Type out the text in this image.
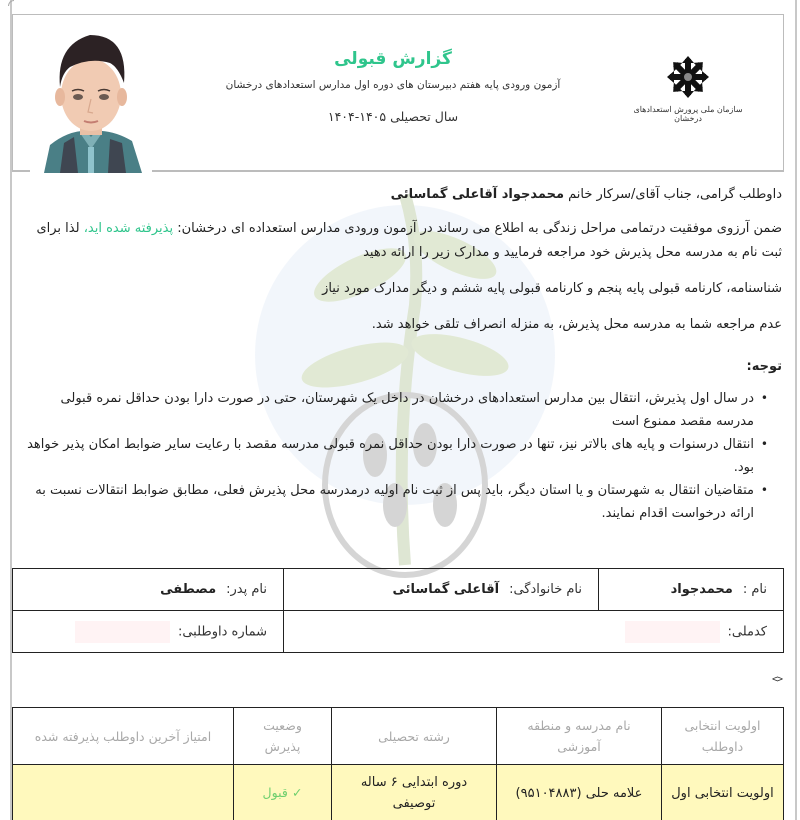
گزارش قبولی
آزمون ورودی پایه هفتم دبیرستان های دوره اول مدارس استعدادهای درخشان
سال تحصیلی ۱۴۰۵-۱۴۰۴	سازمان ملی پرورش استعدادهای درخشان
داوطلب گرامی، جناب آقای/سرکار خانم محمدجواد آقاعلی گماسائی
ضمن آرزوی موفقیت درتمامی مراحل زندگی به اطلاع می رساند در آزمون ورودی مدارس استعداده ای درخشان: پذیرفته شده اید، لذا برای ثبت نام به مدرسه محل پذیرش خود مراجعه فرمایید و مدارک زیر را ارائه دهید
شناسنامه، کارنامه قبولی پایه پنجم و کارنامه قبولی پایه ششم و دیگر مدارک مورد نیاز
عدم مراجعه شما به مدرسه محل پذیرش، به منزله انصراف تلقی خواهد شد.
توجه:
• در سال اول پذیرش، انتقال بین مدارس استعدادهای درخشان در داخل یک شهرستان، حتی در صورت دارا بودن حداقل نمره قبولی مدرسه مقصد ممنوع است
• انتقال درسنوات و پایه های بالاتر نیز، تنها در صورت دارا بودن حداقل نمره قبولی مدرسه مقصد با رعایت سایر ضوابط امکان پذیر خواهد بود.
• متقاضیان انتقال به شهرستان و یا استان دیگر، باید پس از ثبت نام اولیه درمدرسه محل پذیرش فعلی، مطابق ضوابط انتقالات نسبت به ارائه درخواست اقدام نمایند.
نام :محمدجواد	نام خانوادگی:آقاعلی گماسائی	نام پدر:مصطفی
کدملی:		شماره داوطلبی:
<>
اولویت انتخابی داوطلب	نام مدرسه و منطقه آموزشی	رشته تحصیلی	وضعیت پذیرش	امتیاز آخرین داوطلب پذیرفته شده
اولویت انتخابی اول	علامه حلی (۹۵۱۰۴۸۸۳)	دوره ابتدایی ۶ ساله توصیفی	✓ قبول	
